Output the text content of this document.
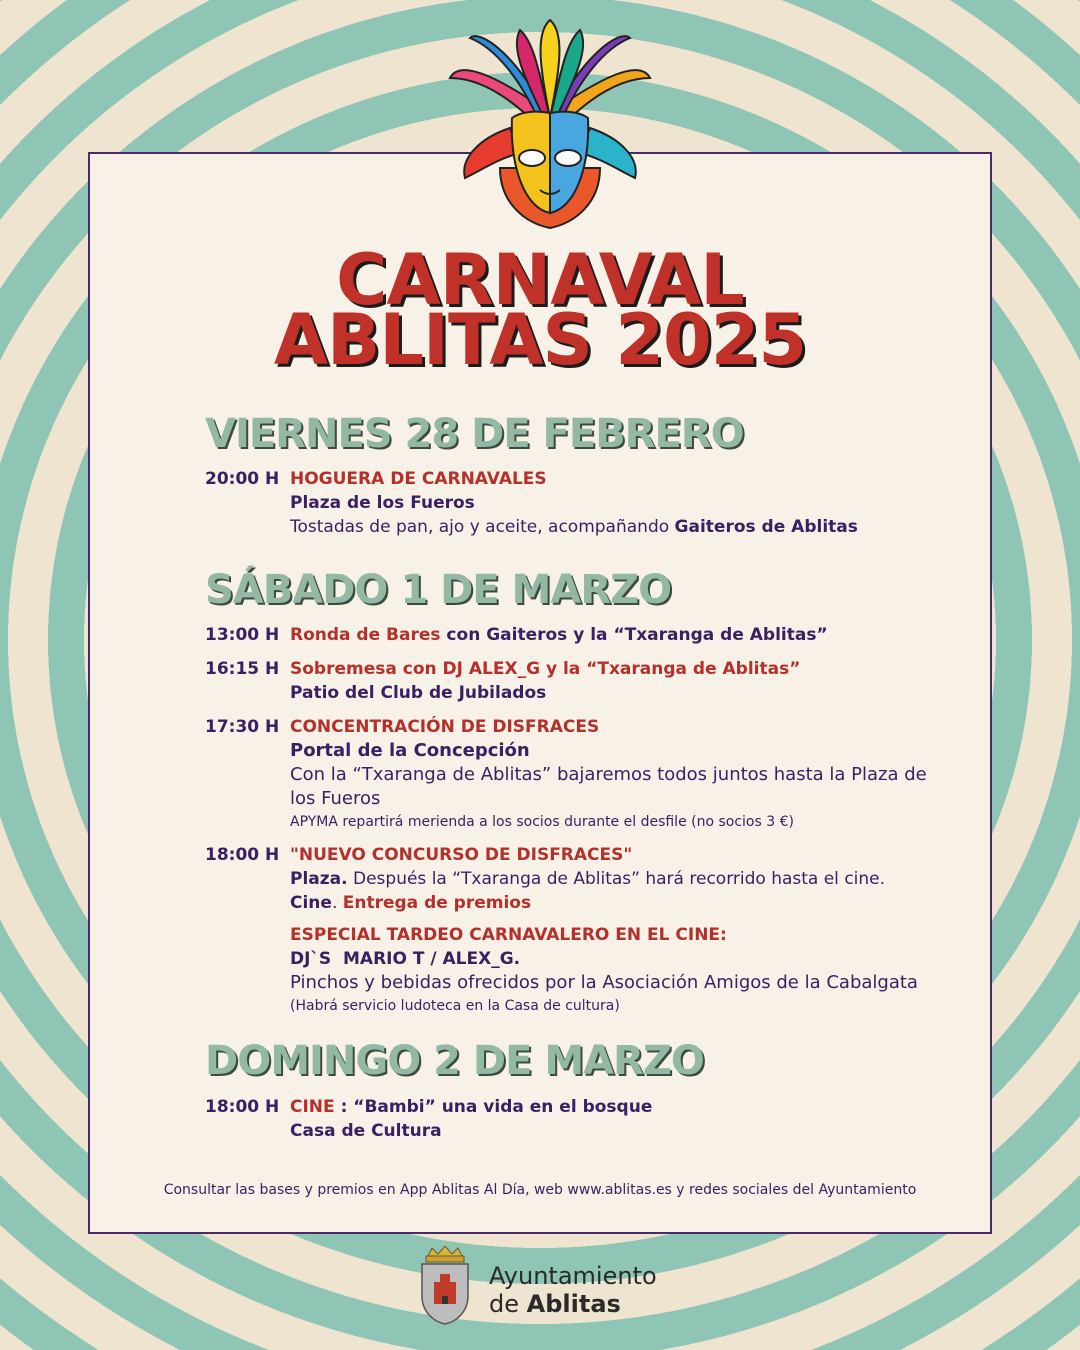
CARNAVAL
ABLITAS 2025
VIERNES 28 DE FEBRERO
20:00 H HOGUERA DE CARNAVALES

Plaza de los Fueros

Tostadas de pan, ajo y aceite, acompañando Gaiteros de Ablitas

SÁBADO 1 DE MARZO
13:00 H Ronda de Bares con Gaiteros y la “Txaranga de Ablitas”

16:15 H Sobremesa con DJ ALEX_G y la “Txaranga de Ablitas”

Patio del Club de Jubilados

17:30 H CONCENTRACIÓN DE DISFRACES

Portal de la Concepción

Con la “Txaranga de Ablitas” bajaremos todos juntos hasta la Plaza de

los Fueros

APYMA repartirá merienda a los socios durante el desfile (no socios 3 €)

18:00 H "NUEVO CONCURSO DE DISFRACES"

Plaza. Después la “Txaranga de Ablitas” hará recorrido hasta el cine.

Cine. Entrega de premios

ESPECIAL TARDEO CARNAVALERO EN EL CINE:

DJ`S  MARIO T / ALEX_G.

Pinchos y bebidas ofrecidos por la Asociación Amigos de la Cabalgata

(Habrá servicio ludoteca en la Casa de cultura)

DOMINGO 2 DE MARZO
18:00 H CINE : “Bambi” una vida en el bosque

Casa de Cultura

Consultar las bases y premios en App Ablitas Al Día, web www.ablitas.es y redes sociales del Ayuntamiento

Ayuntamiento
de Ablitas
